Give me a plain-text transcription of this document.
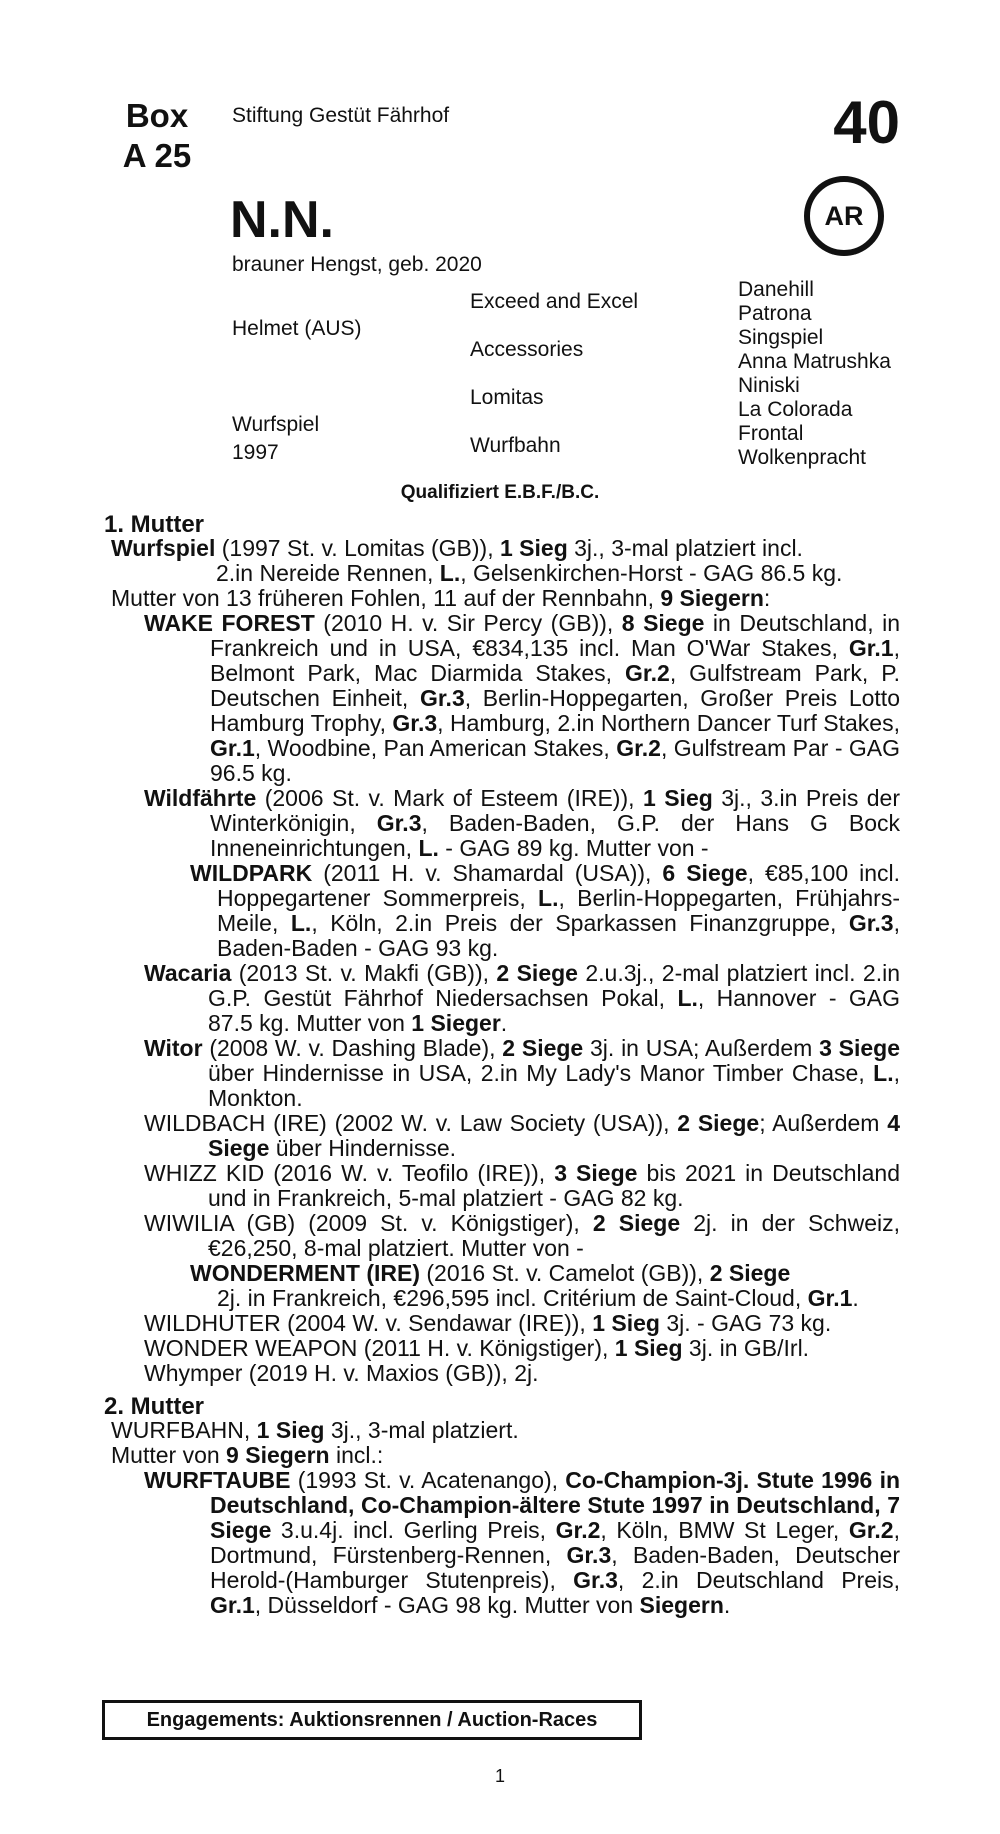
Box
A 25
Stiftung Gestüt Fährhof	40
N.N.
brauner Hengst, geb. 2020
AR
Helmet (AUS)
Wurfspiel
1997
Exceed and Excel
Accessories
Lomitas
Wurfbahn
Danehill
Patrona
Singspiel
Anna Matrushka
Niniski
La Colorada
Frontal
Wolkenpracht
Qualifiziert E.B.F./B.C.
1. Mutter
Wurfspiel (1997 St. v. Lomitas (GB)), 1 Sieg 3j., 3-mal platziert incl.
2.in Nereide Rennen, L., Gelsenkirchen-Horst - GAG 86.5 kg.
Mutter von 13 früheren Fohlen, 11 auf der Rennbahn, 9 Siegern:
WAKE FOREST (2010 H. v. Sir Percy (GB)), 8 Siege in Deutschland, in Frankreich und in USA, €834,135 incl. Man O'War Stakes, Gr.1, Belmont Park, Mac Diarmida Stakes, Gr.2, Gulfstream Park, P. Deutschen Einheit, Gr.3, Berlin-Hoppegarten, Großer Preis Lotto Hamburg Trophy, Gr.3, Hamburg, 2.in Northern Dancer Turf Stakes, Gr.1, Woodbine, Pan American Stakes, Gr.2, Gulfstream Par - GAG 96.5 kg.
Wildfährte (2006 St. v. Mark of Esteem (IRE)), 1 Sieg 3j., 3.in Preis der Winterkönigin, Gr.3, Baden-Baden, G.P. der Hans G Bock Inneneinrichtungen, L. - GAG 89 kg. Mutter von -
WILDPARK (2011 H. v. Shamardal (USA)), 6 Siege, €85,100 incl. Hoppegartener Sommerpreis, L., Berlin-Hoppegarten, Frühjahrs-Meile, L., Köln, 2.in Preis der Sparkassen Finanzgruppe, Gr.3, Baden-Baden - GAG 93 kg.
Wacaria (2013 St. v. Makfi (GB)), 2 Siege 2.u.3j., 2-mal platziert incl. 2.in G.P. Gestüt Fährhof Niedersachsen Pokal, L., Hannover - GAG 87.5 kg. Mutter von 1 Sieger.
Witor (2008 W. v. Dashing Blade), 2 Siege 3j. in USA; Außerdem 3 Siege über Hindernisse in USA, 2.in My Lady's Manor Timber Chase, L., Monkton.
WILDBACH (IRE) (2002 W. v. Law Society (USA)), 2 Siege; Außerdem 4 Siege über Hindernisse.
WHIZZ KID (2016 W. v. Teofilo (IRE)), 3 Siege bis 2021 in Deutschland und in Frankreich, 5-mal platziert - GAG 82 kg.
WIWILIA (GB) (2009 St. v. Königstiger), 2 Siege 2j. in der Schweiz, €26,250, 8-mal platziert. Mutter von -
WONDERMENT (IRE) (2016 St. v. Camelot (GB)), 2 Siege
2j. in Frankreich, €296,595 incl. Critérium de Saint-Cloud, Gr.1.
WILDHUTER (2004 W. v. Sendawar (IRE)), 1 Sieg 3j. - GAG 73 kg.
WONDER WEAPON (2011 H. v. Königstiger), 1 Sieg 3j. in GB/Irl.
Whymper (2019 H. v. Maxios (GB)), 2j.
2. Mutter
WURFBAHN, 1 Sieg 3j., 3-mal platziert.
Mutter von 9 Siegern incl.:
WURFTAUBE (1993 St. v. Acatenango), Co-Champion-3j. Stute 1996 in Deutschland, Co-Champion-ältere Stute 1997 in Deutschland, 7 Siege 3.u.4j. incl. Gerling Preis, Gr.2, Köln, BMW St Leger, Gr.2, Dortmund, Fürstenberg-Rennen, Gr.3, Baden-Baden, Deutscher Herold-(Hamburger Stutenpreis), Gr.3, 2.in Deutschland Preis, Gr.1, Düsseldorf - GAG 98 kg. Mutter von Siegern.
Engagements: Auktionsrennen / Auction-Races
1
